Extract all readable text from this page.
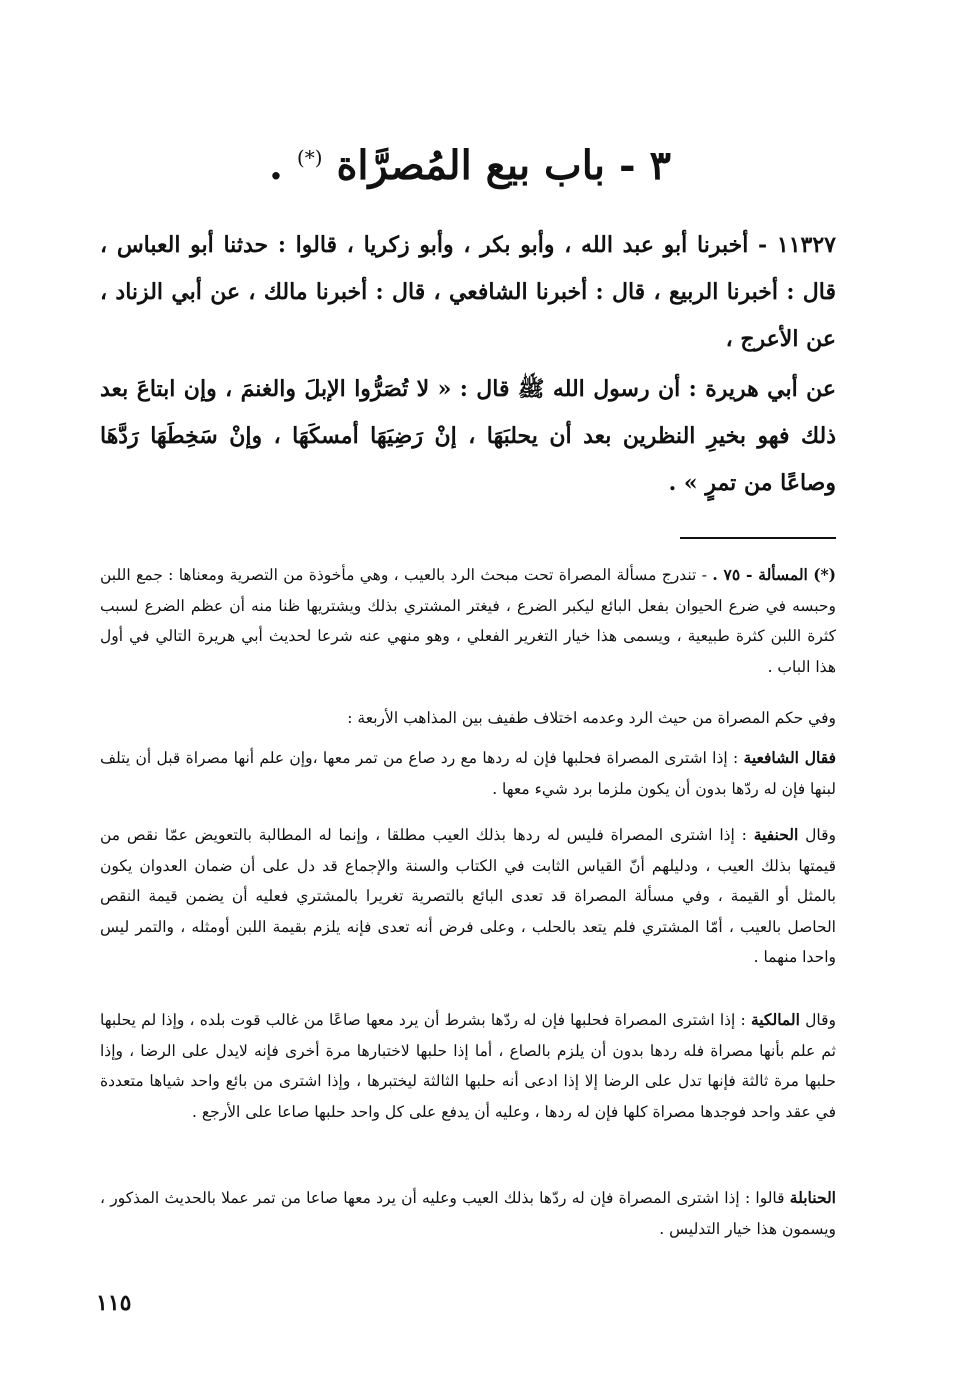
٣ - باب بيع المُصرَّاة (*) .
١١٣٢٧ - أخبرنا أبو عبد الله ، وأبو بكر ، وأبو زكريا ، قالوا : حدثنا أبو العباس ، قال : أخبرنا الربيع ، قال : أخبرنا الشافعي ، قال : أخبرنا مالك ، عن أبي الزناد ، عن الأعرج ،
عن أبي هريرة : أن رسول الله ﷺ قال : « لا تُصَرُّوا الإبلَ والغنمَ ، وإن ابتاعَ بعد ذلك فهو بخيرِ النظرين بعد أن يحلبَهَا ، إنْ رَضِيَهَا أمسكَهَا ، وإنْ سَخِطَهَا رَدَّهَا وصاعًا من تمرٍ » .
(*) المسألة - ٧٥ . - تندرج مسألة المصراة تحت مبحث الرد بالعيب ، وهي مأخوذة من التصرية ومعناها : جمع اللبن وحبسه في ضرع الحيوان بفعل البائع ليكبر الضرع ، فيغتر المشتري بذلك ويشتريها ظنا منه أن عظم الضرع لسبب كثرة اللبن كثرة طبيعية ، ويسمى هذا خيار التغرير الفعلي ، وهو منهي عنه شرعا لحديث أبي هريرة التالي في أول هذا الباب .
وفي حكم المصراة من حيث الرد وعدمه اختلاف طفيف بين المذاهب الأربعة :
فقال الشافعية : إذا اشترى المصراة فحلبها فإن له ردها مع رد صاع من تمر معها ،وإن علم أنها مصراة قبل أن يتلف لبنها فإن له ردّها بدون أن يكون ملزما برد شيء معها .
وقال الحنفية : إذا اشترى المصراة فليس له ردها بذلك العيب مطلقا ، وإنما له المطالبة بالتعويض عمّا نقص من قيمتها بذلك العيب ، ودليلهم أنّ القياس الثابت في الكتاب والسنة والإجماع قد دل على أن ضمان العدوان يكون بالمثل أو القيمة ، وفي مسألة المصراة قد تعدى البائع بالتصرية تغريرا بالمشتري فعليه أن يضمن قيمة النقص الحاصل بالعيب ، أمّا المشتري فلم يتعد بالحلب ، وعلى فرض أنه تعدى فإنه يلزم بقيمة اللبن أومثله ، والتمر ليس واحدا منهما .
وقال المالكية : إذا اشترى المصراة فحلبها فإن له ردّها بشرط أن يرد معها صاعًا من غالب قوت بلده ، وإذا لم يحلبها ثم علم بأنها مصراة فله ردها بدون أن يلزم بالصاع ، أما إذا حلبها لاختبارها مرة أخرى فإنه لايدل على الرضا ، وإذا حلبها مرة ثالثة فإنها تدل على الرضا إلا إذا ادعى أنه حلبها الثالثة ليختبرها ، وإذا اشترى من بائع واحد شياها متعددة في عقد واحد فوجدها مصراة كلها فإن له ردها ، وعليه أن يدفع على كل واحد حلبها صاعا على الأرجع .
الحنابلة قالوا : إذا اشترى المصراة فإن له ردّها بذلك العيب وعليه أن يرد معها صاعا من تمر عملا بالحديث المذكور ، ويسمون هذا خيار التدليس .
١١٥
